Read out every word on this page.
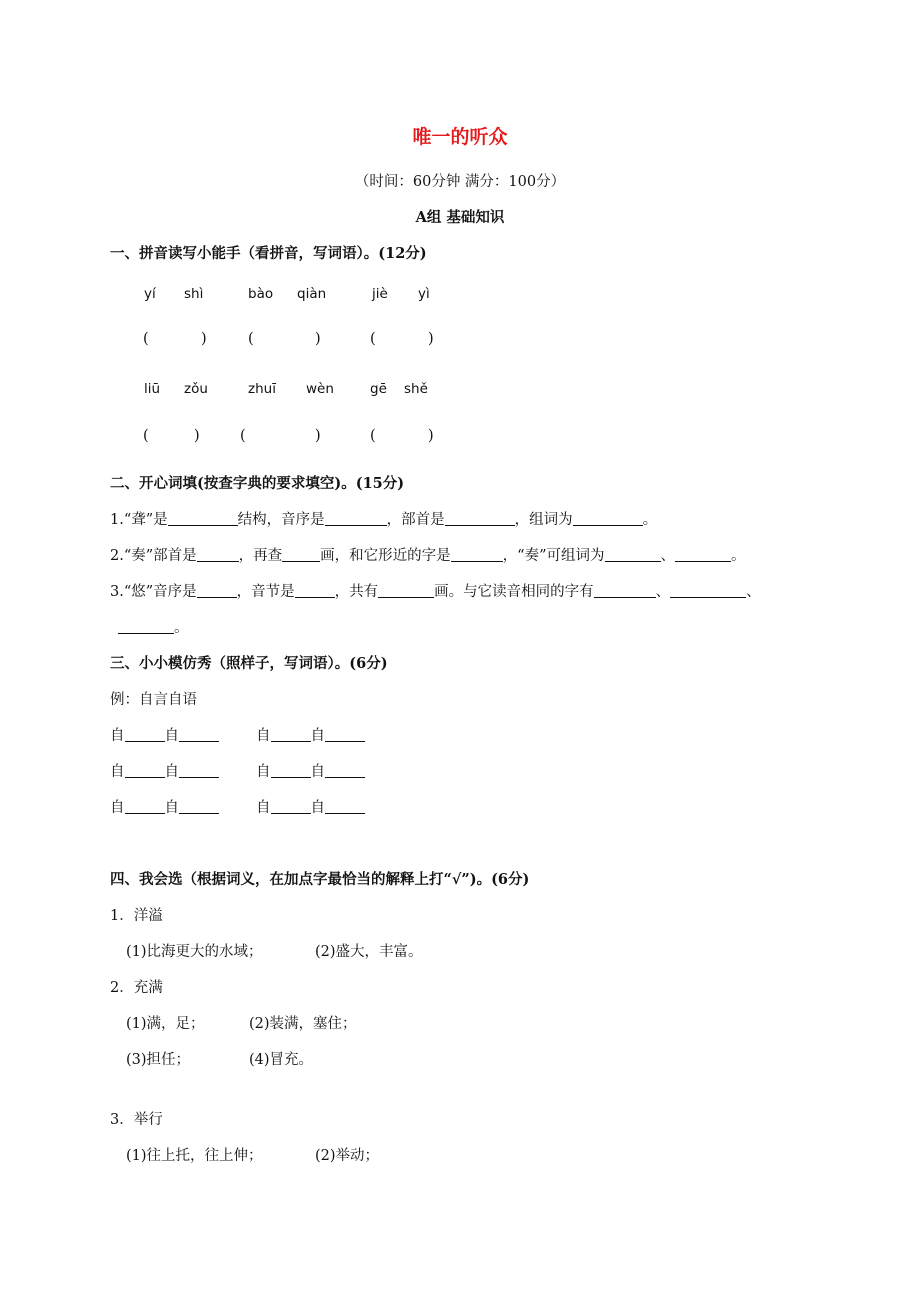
唯一的听众
（时间：60分钟 满分：100分）
A组 基础知识
一、拼音读写小能手（看拼音，写词语）。(12分)
yí shì	bào qiàn	jiè yì
(	)	(	)	(	)
liū zǒu	zhuī wèn	gē shě
(	)	(	)	(	)
二、开心词填(按查字典的要求填空)。(15分)
1.“聋”是	结构，音序是	，部首是	，组词为	。
2.“奏”部首是	，再查	画，和它形近的字是	，“奏”可组词为	、	。
3.“悠”音序是	，音节是	，共有	画。与它读音相同的字有	、	、
。
三、小小模仿秀（照样子，写词语）。(6分)
例：自言自语
自	自	自	自
自	自	自	自
自	自	自	自
四、我会选（根据词义，在加点字最恰当的解释上打“√”)。(6分)
1．洋溢
(1)比海更大的水域；	(2)盛大，丰富。
2．充满
(1)满，足；	(2)装满，塞住；
(3)担任；	(4)冒充。
3．举行
(1)往上托，往上伸；	(2)举动；
